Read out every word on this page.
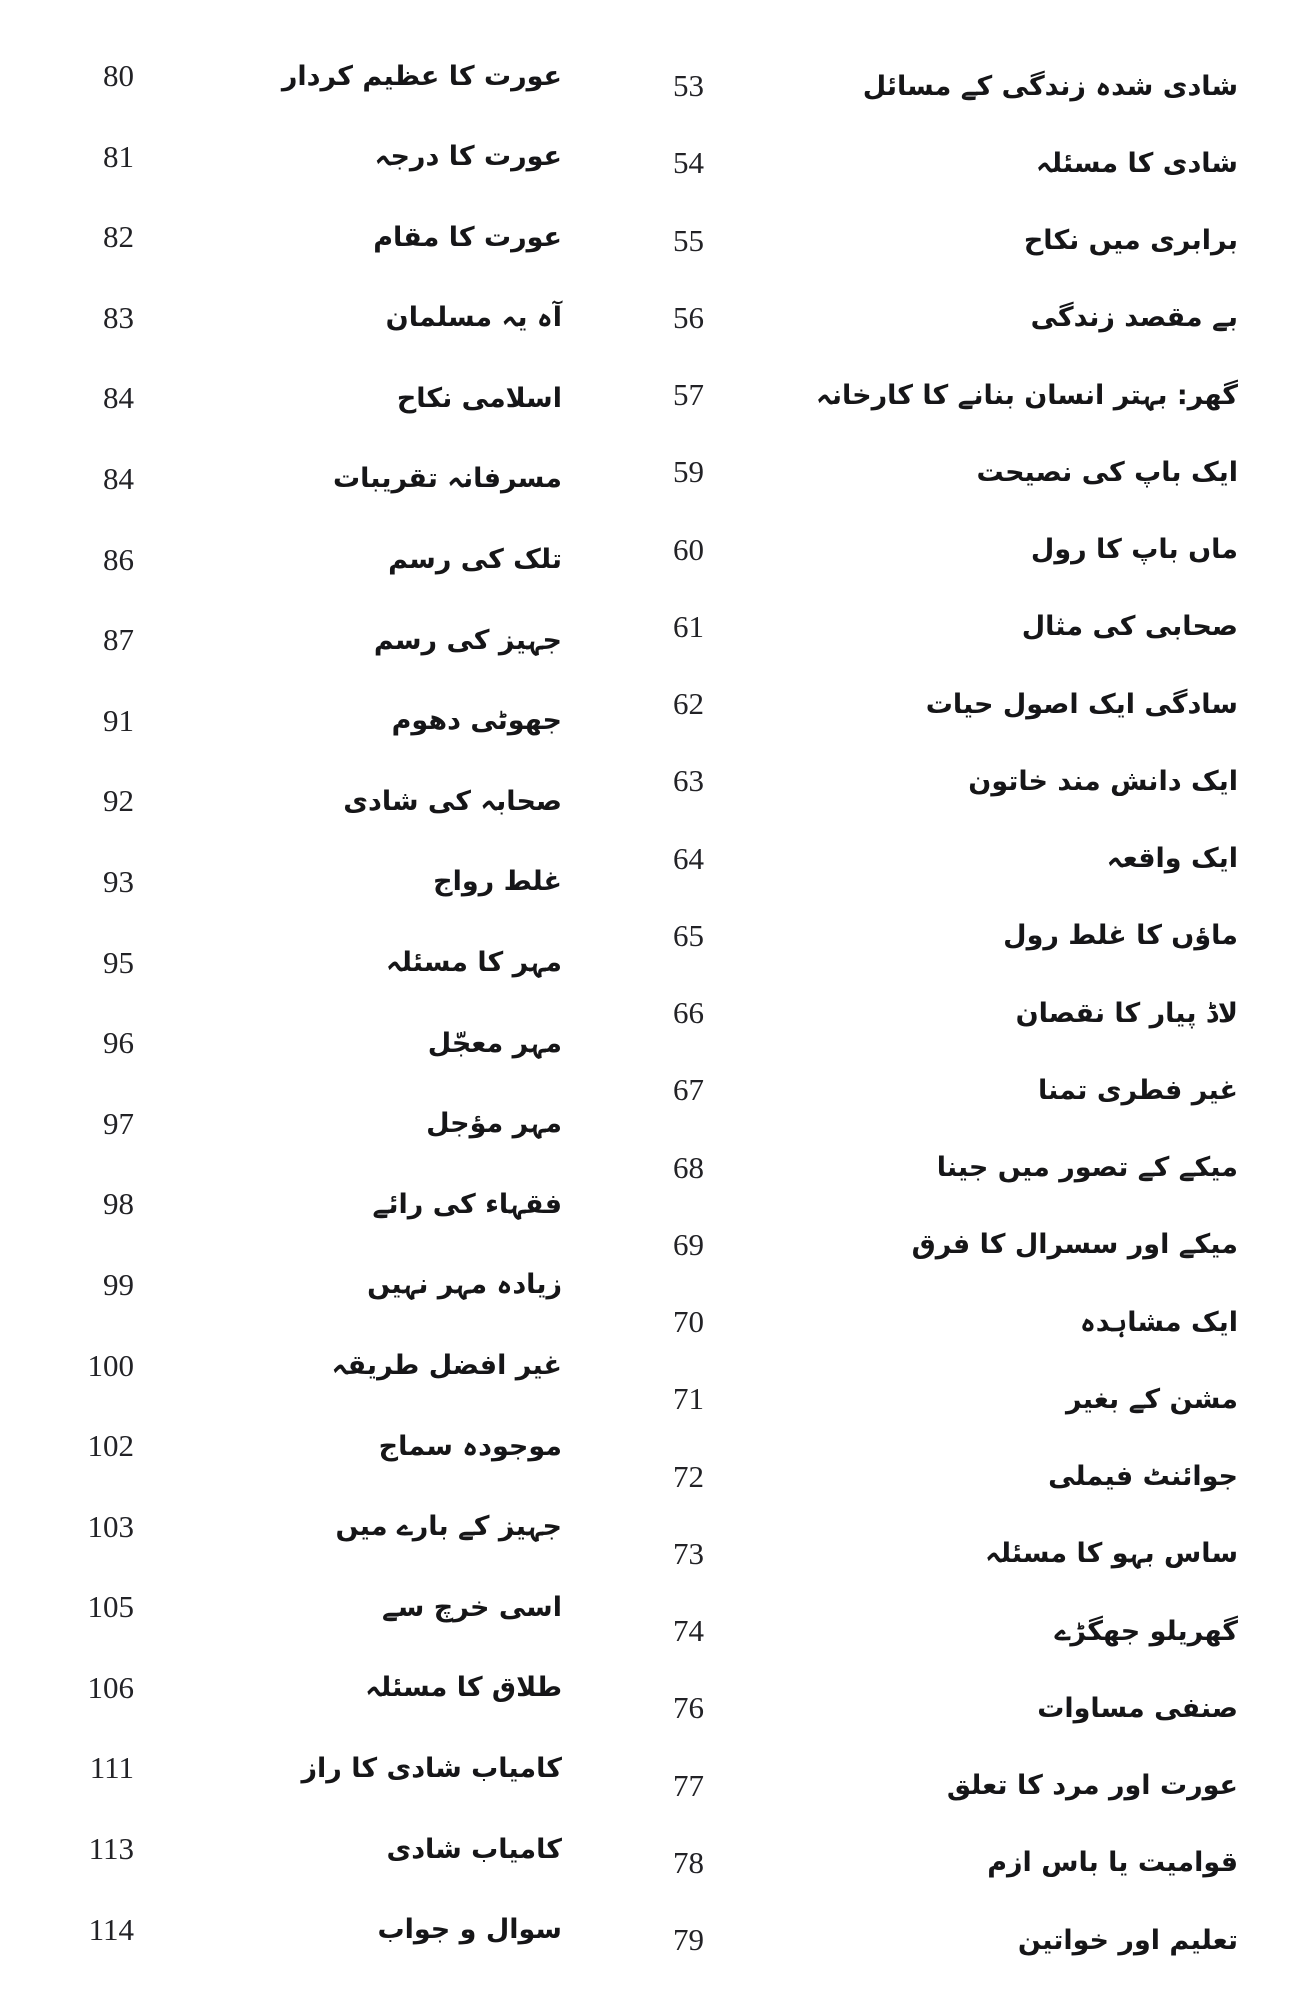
شادی شدہ زندگی کے مسائل
53
شادی کا مسئلہ
54
برابری میں نکاح
55
بے مقصد زندگی
56
گھر: بہتر انسان بنانے کا کارخانہ
57
ایک باپ کی نصیحت
59
ماں باپ کا رول
60
صحابی کی مثال
61
سادگی ایک اصول حیات
62
ایک دانش مند خاتون
63
ایک واقعہ
64
ماؤں کا غلط رول
65
لاڈ پیار کا نقصان
66
غیر فطری تمنا
67
میکے کے تصور میں جینا
68
میکے اور سسرال کا فرق
69
ایک مشاہدہ
70
مشن کے بغیر
71
جوائنٹ فیملی
72
ساس بہو کا مسئلہ
73
گھریلو جھگڑے
74
صنفی مساوات
76
عورت اور مرد کا تعلق
77
قوامیت یا باس ازم
78
تعلیم اور خواتین
79
عورت کا عظیم کردار
80
عورت کا درجہ
81
عورت کا مقام
82
آہ یہ مسلمان
83
اسلامی نکاح
84
مسرفانہ تقریبات
84
تلک کی رسم
86
جہیز کی رسم
87
جھوٹی دھوم
91
صحابہ کی شادی
92
غلط رواج
93
مہر کا مسئلہ
95
مہر معجّل
96
مہر مؤجل
97
فقہاء کی رائے
98
زیادہ مہر نہیں
99
غیر افضل طریقہ
100
موجودہ سماج
102
جہیز کے بارے میں
103
اسی خرچ سے
105
طلاق کا مسئلہ
106
کامیاب شادی کا راز
111
کامیاب شادی
113
سوال و جواب
114
